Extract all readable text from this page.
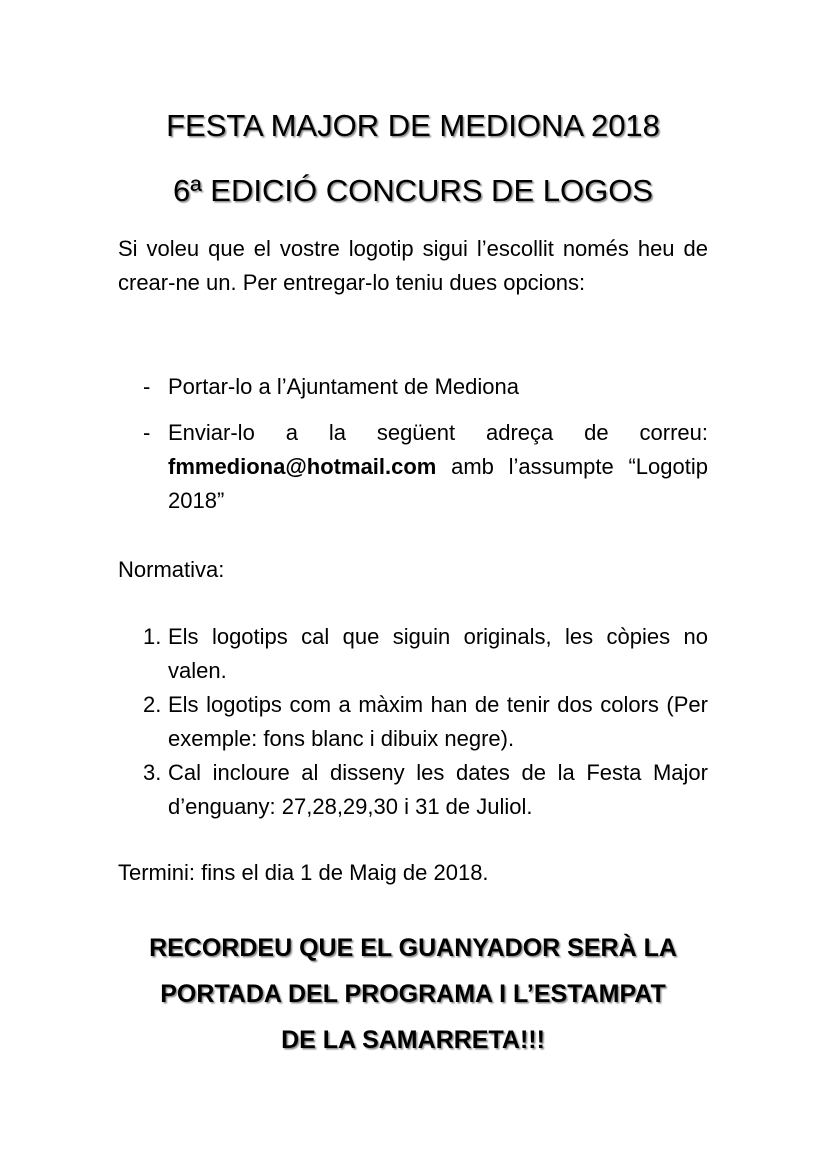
FESTA MAJOR DE MEDIONA 2018
6ª EDICIÓ CONCURS DE LOGOS

Si voleu que el vostre logotip sigui l’escollit només heu de crear-ne un. Per entregar-lo teniu dues opcions:

- Portar-lo a l’Ajuntament de Mediona
- Enviar-lo a la següent adreça de correu: fmmediona@hotmail.com amb l’assumpte “Logotip 2018”

Normativa:

1. Els logotips cal que siguin originals, les còpies no valen.
2. Els logotips com a màxim han de tenir dos colors (Per exemple: fons blanc i dibuix negre).
3. Cal incloure al disseny les dates de la Festa Major d’enguany: 27,28,29,30 i 31 de Juliol.

Termini: fins el dia 1 de Maig de 2018.

RECORDEU QUE EL GUANYADOR SERÀ LA
PORTADA DEL PROGRAMA I L’ESTAMPAT
DE LA SAMARRETA!!!
